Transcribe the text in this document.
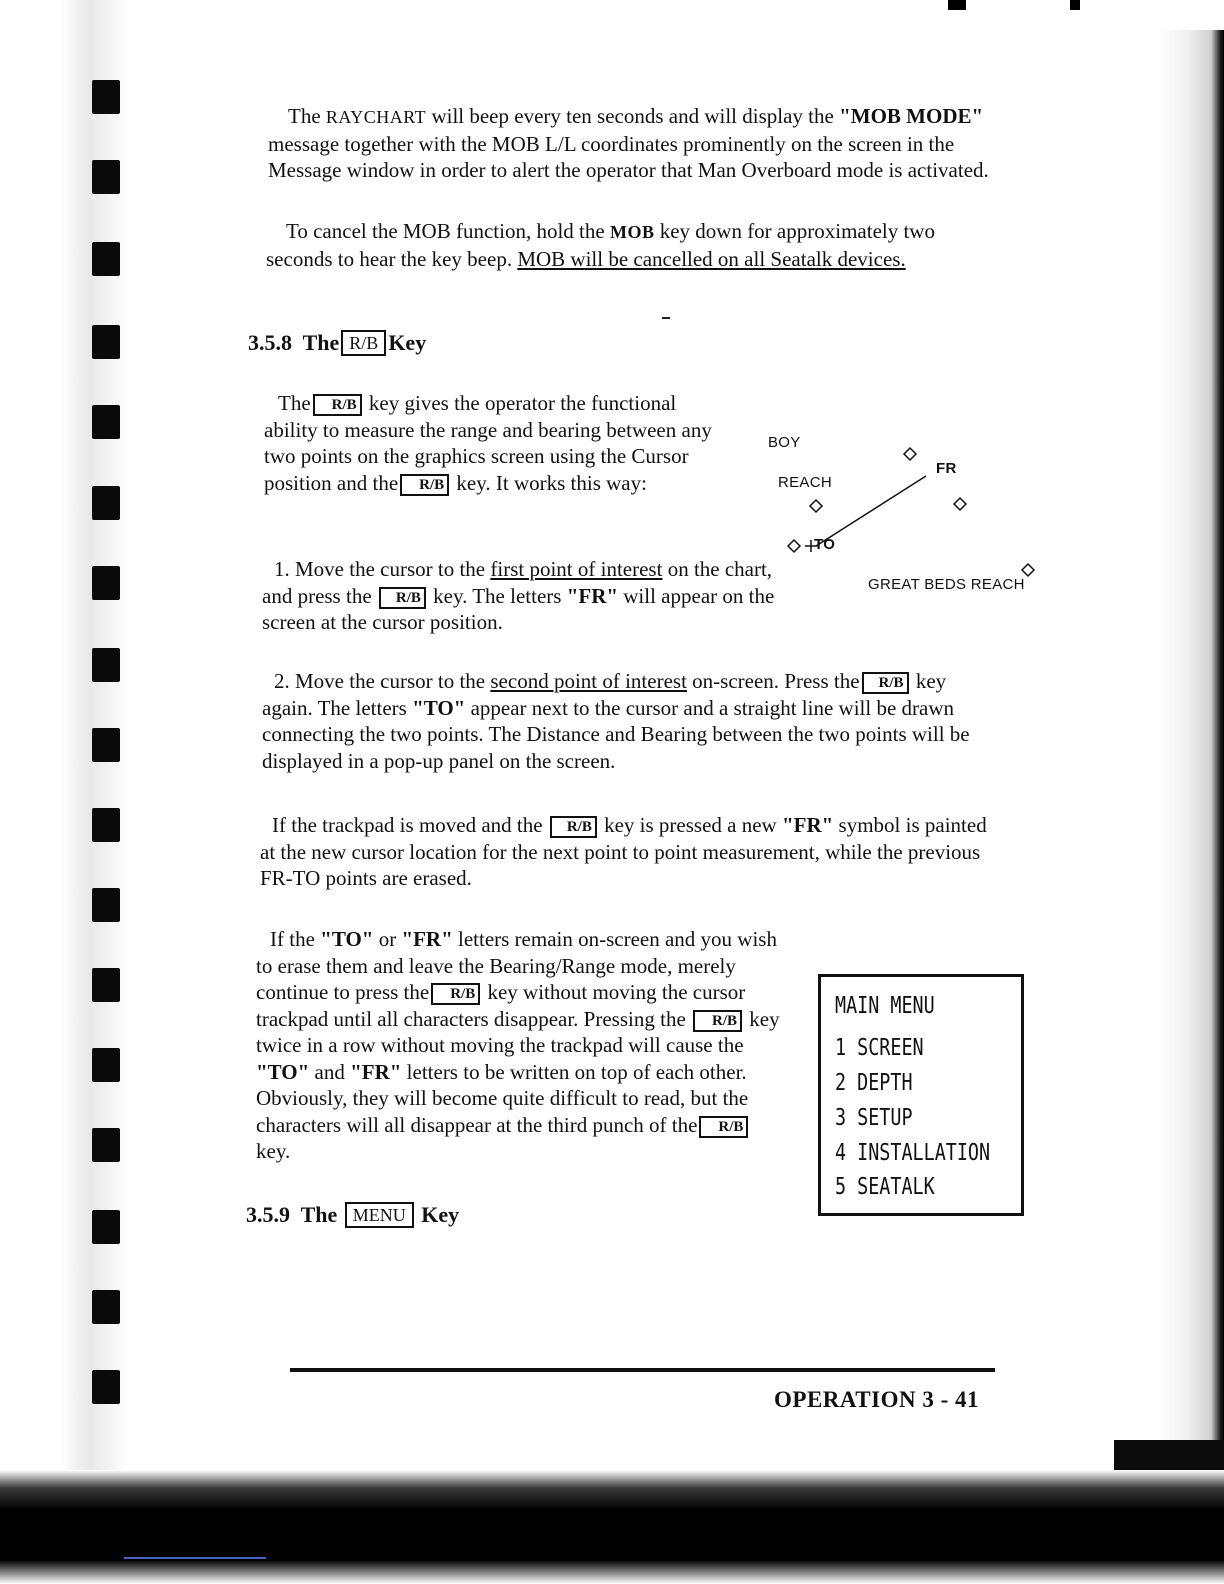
The RAYCHART will beep every ten seconds and will display the "MOB MODE" message together with the MOB L/L coordinates prominently on the screen in the Message window in order to alert the operator that Man Overboard mode is activated.

To cancel the MOB function, hold the MOB key down for approximately two seconds to hear the key beep. MOB will be cancelled on all Seatalk devices.

3.5.8 The R/B Key

The R/B key gives the operator the functional ability to measure the range and bearing between any two points on the graphics screen using the Cursor position and the R/B key. It works this way:

BOY
REACH
FR
TO
GREAT BEDS REACH

1. Move the cursor to the first point of interest on the chart, and press the R/B key. The letters "FR" will appear on the screen at the cursor position.

2. Move the cursor to the second point of interest on-screen. Press the R/B key again. The letters "TO" appear next to the cursor and a straight line will be drawn connecting the two points. The Distance and Bearing between the two points will be displayed in a pop-up panel on the screen.

If the trackpad is moved and the R/B key is pressed a new "FR" symbol is painted at the new cursor location for the next point to point measurement, while the previous FR-TO points are erased.

If the "TO" or "FR" letters remain on-screen and you wish to erase them and leave the Bearing/Range mode, merely continue to press the R/B key without moving the cursor trackpad until all characters disappear. Pressing the R/B key twice in a row without moving the trackpad will cause the "TO" and "FR" letters to be written on top of each other. Obviously, they will become quite difficult to read, but the characters will all disappear at the third punch of the R/B key.

MAIN MENU

1 SCREEN

2 DEPTH

3 SETUP

4 INSTALLATION

5 SEATALK

3.5.9 The MENU Key

OPERATION 3 - 41
